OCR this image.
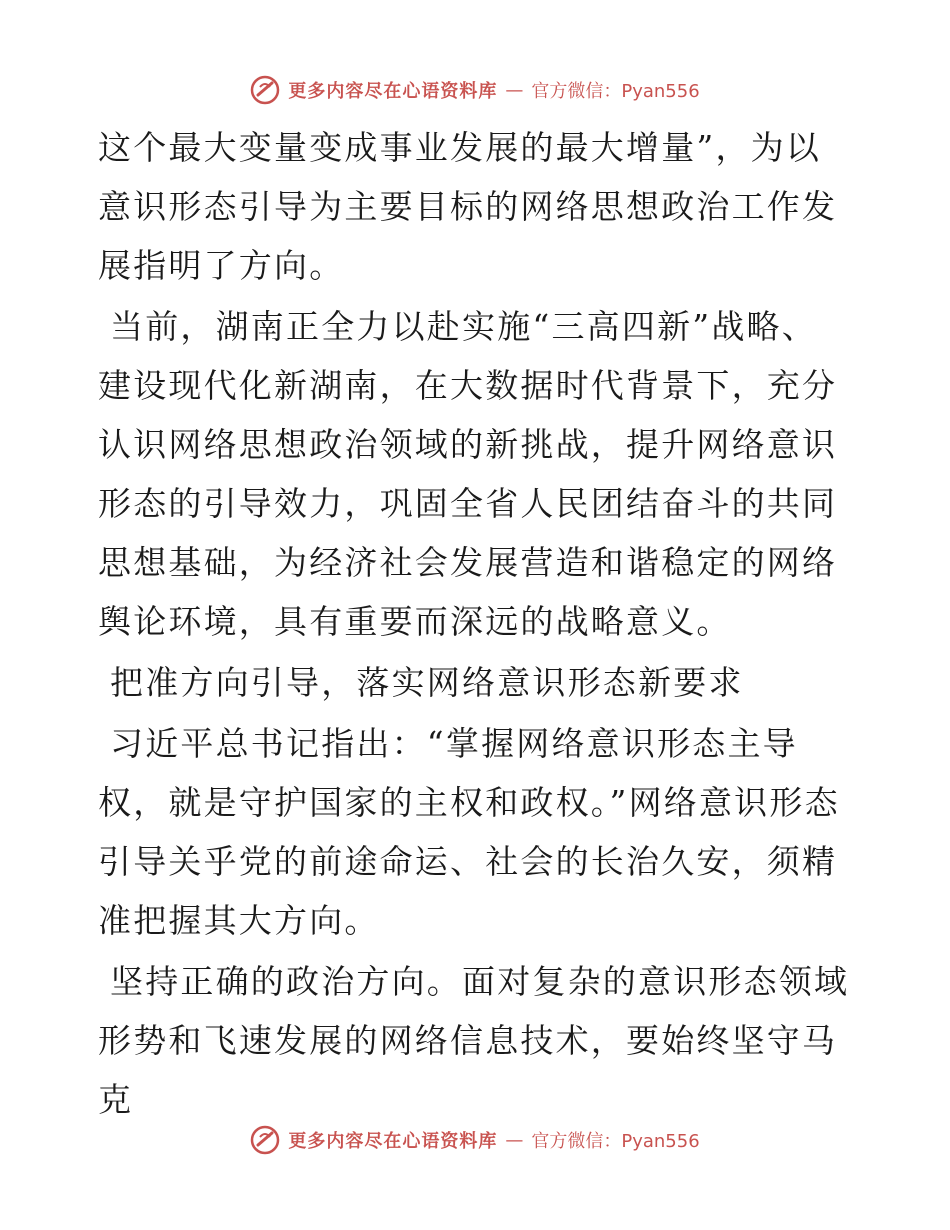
更多内容尽在心语资料库 — 官方微信：Pyan556

这个最大变量变成事业发展的最大增量”，为以意识形态引导为主要目标的网络思想政治工作发展指明了方向。

当前，湖南正全力以赴实施“三高四新”战略、建设现代化新湖南，在大数据时代背景下，充分认识网络思想政治领域的新挑战，提升网络意识形态的引导效力，巩固全省人民团结奋斗的共同思想基础，为经济社会发展营造和谐稳定的网络舆论环境，具有重要而深远的战略意义。

把准方向引导，落实网络意识形态新要求

习近平总书记指出：“掌握网络意识形态主导权，就是守护国家的主权和政权。”网络意识形态引导关乎党的前途命运、社会的长治久安，须精准把握其大方向。

坚持正确的政治方向。面对复杂的意识形态领域形势和飞速发展的网络信息技术，要始终坚守马克

更多内容尽在心语资料库 — 官方微信：Pyan556
